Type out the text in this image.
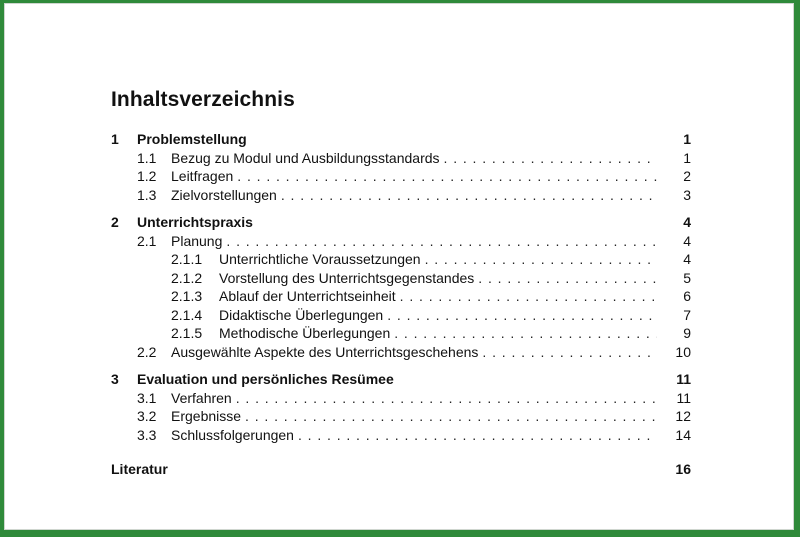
Inhaltsverzeichnis
1	Problemstellung	1
1.1	Bezug zu Modul und Ausbildungsstandards . . .	1
1.2	Leitfragen . . .	2
1.3	Zielvorstellungen . . .	3
2	Unterrichtspraxis	4
2.1	Planung . . .	4
2.1.1	Unterrichtliche Voraussetzungen . . .	4
2.1.2	Vorstellung des Unterrichtsgegenstandes . . .	5
2.1.3	Ablauf der Unterrichtseinheit . . .	6
2.1.4	Didaktische Überlegungen . . .	7
2.1.5	Methodische Überlegungen . . .	9
2.2	Ausgewählte Aspekte des Unterrichtsgeschehens . . .	10
3	Evaluation und persönliches Resümee	11
3.1	Verfahren . . .	11
3.2	Ergebnisse . . .	12
3.3	Schlussfolgerungen . . .	14
Literatur	16
